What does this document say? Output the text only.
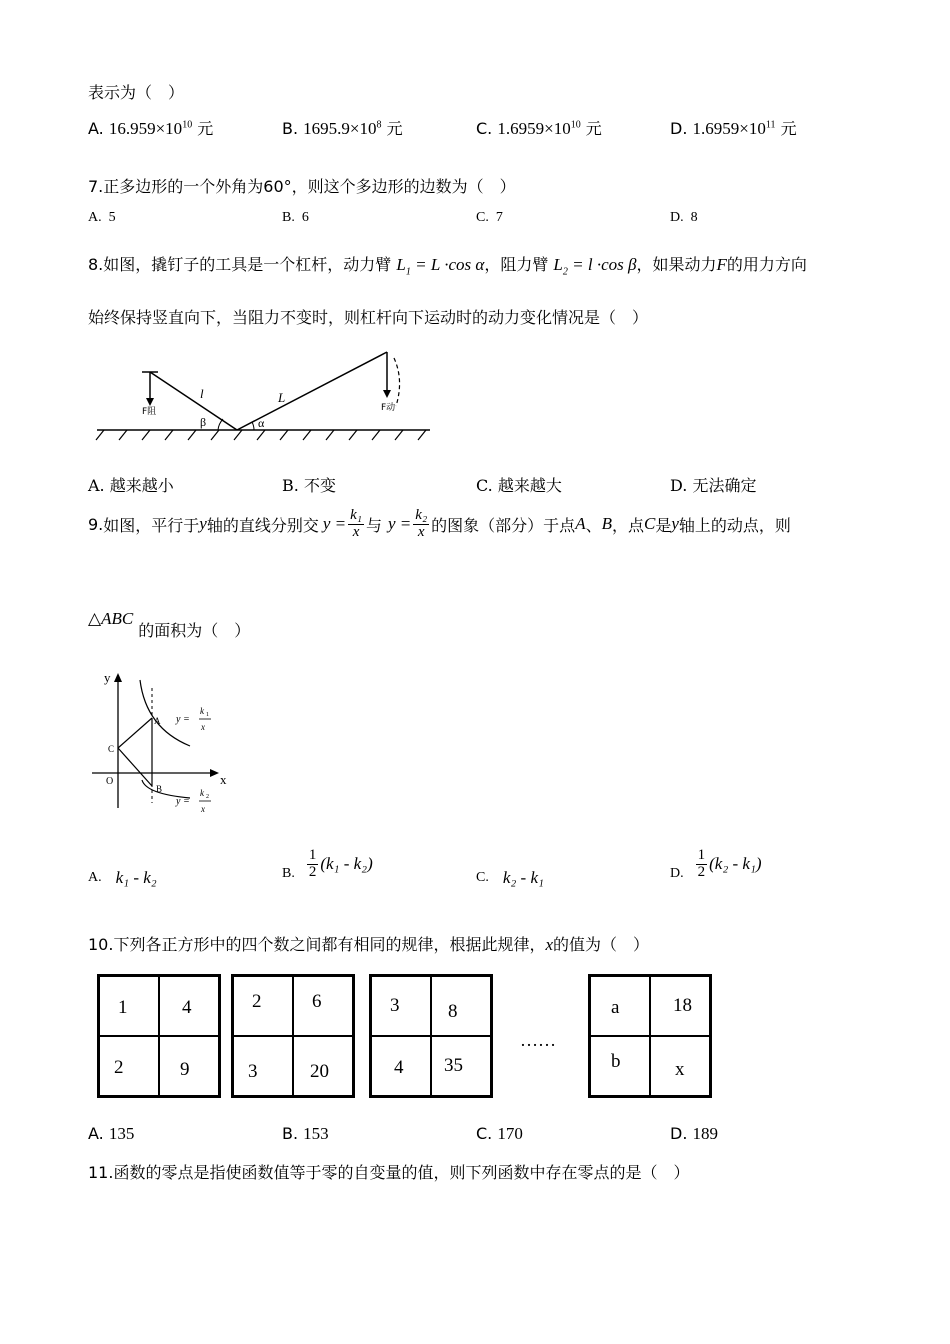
表示为（　）
A. $16.959\times 10^{10}$ 元	B. $1695.9\times 10^8$ 元	C. $1.6959\times 10^{10}$ 元	D. $1.6959\times 10^{11}$ 元
7.正多边形的一个外角为60°，则这个多边形的边数为（　）
A. 5	B. 6	C. 7	D. 8
8.如图，撬钉子的工具是一个杠杆，动力臂 $L_1 = L \cdot\cos$ α，阻力臂 $L_2 = l \cdot\cos$ β，如果动力F的用力方向
始终保持竖直向下，当阻力不变时，则杠杆向下运动时的动力变化情况是（　）
l	L
β	α
F阻	F动
A. 越来越小	B. 不变	C. 越来越大	D. 无法确定
9. 如图，平行于 y 轴的直线分别交 $y = \frac{\text{k₁}}{x}$ 与 $y = \frac{\text{k₂}}{x}$ 的图象（部分）于点 A 、 B ，点 C 是 y 轴上的动点，则
△ABC 的面积为（　）
y
x
O
A
B
C
y =
k 1
x
y =
k 2
x
A. k₁ - k₂	B. $\frac{1}{2} (k_1 - k_2)$
C. k₂ - k₁	D. $\frac{1}{2} (k_2 - k_1)$
10.下列各正方形中的四个数之间都有相同的规律，根据此规律，x的值为（　）
1	4
2	9
2	6
3	20
3	8
4 35
……
a	18
b	x
A. 135	B. 153	C. 170	D. 189
11.函数的零点是指使函数值等于零的自变量的值，则下列函数中存在零点的是（　）
